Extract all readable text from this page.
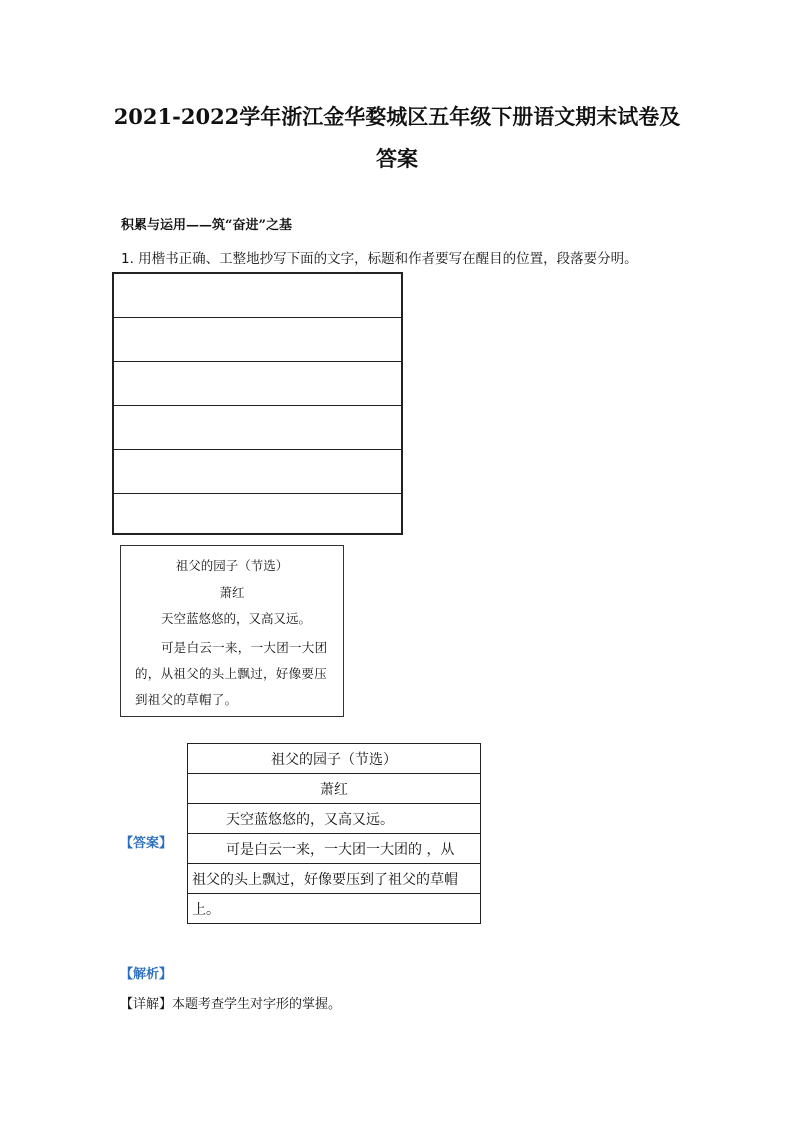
2021-2022学年浙江金华婺城区五年级下册语文期末试卷及
答案
积累与运用——筑“奋进”之基
1. 用楷书正确、工整地抄写下面的文字，标题和作者要写在醒目的位置，段落要分明。
祖父的园子（节选）
萧红
天空蓝悠悠的，又高又远。
可是白云一来，一大团一大团的，从祖父的头上飘过，好像要压到祖父的草帽了。
【答案】
祖父的园子（节选）
萧红
天空蓝悠悠的，又高又远。
可是白云一来，一大团一大团的 ，从
祖父的头上飘过，好像要压到了祖父的草帽
上。
【解析】
【详解】本题考查学生对字形的掌握。
